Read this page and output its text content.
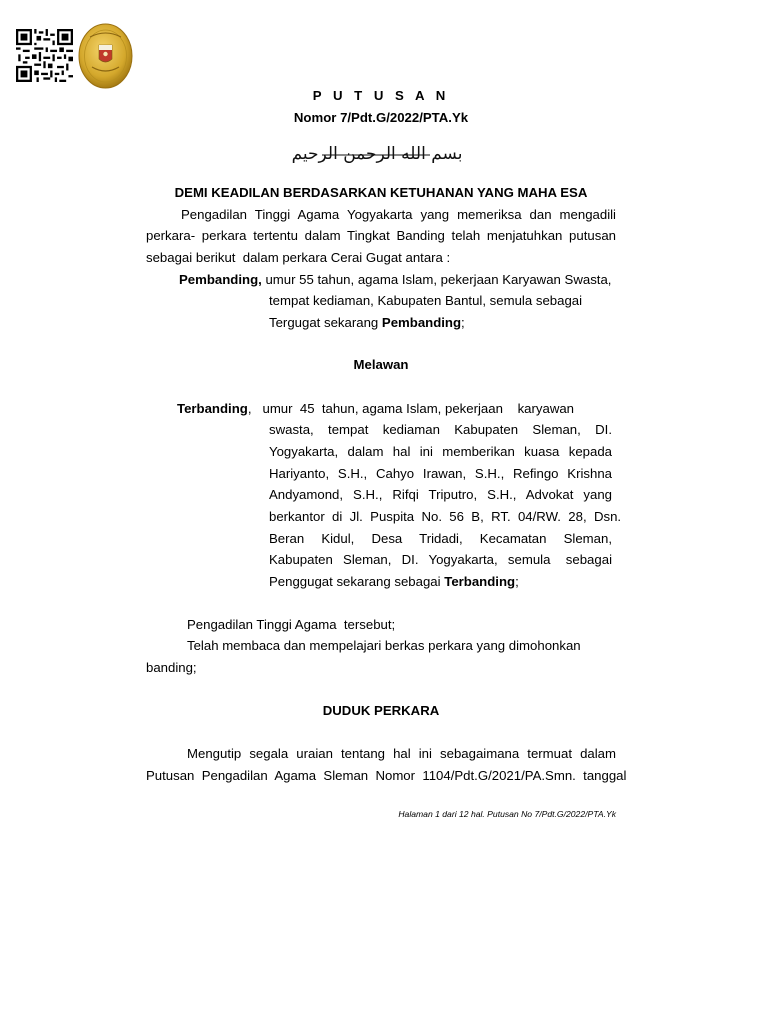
P U T U S A N
Nomor 7/Pdt.G/2022/PTA.Yk
بسم الله الرحمن الرحيم
DEMI KEADILAN BERDASARKAN KETUHANAN YANG MAHA ESA
Pengadilan Tinggi Agama Yogyakarta yang memeriksa dan mengadili
perkara- perkara tertentu dalam Tingkat Banding telah menjatuhkan putusan
sebagai berikut  dalam perkara Cerai Gugat antara :
Pembanding, umur 55 tahun, agama Islam, pekerjaan Karyawan Swasta,
tempat kediaman, Kabupaten Bantul, semula sebagai
Tergugat sekarang Pembanding;
Melawan
Terbanding,   umur  45  tahun, agama Islam, pekerjaan    karyawan
swasta,  tempat  kediaman  Kabupaten  Sleman,  DI.
Yogyakarta,  dalam  hal  ini  memberikan  kuasa  kepada
Hariyanto,  S.H.,  Cahyo  Irawan,  S.H.,  Refingo  Krishna
Andyamond,  S.H.,  Rifqi  Triputro,  S.H.,  Advokat  yang
berkantor  di  Jl.  Puspita  No.  56  B,  RT.  04/RW.  28,  Dsn.
Beran  Kidul,  Desa  Tridadi,  Kecamatan  Sleman,
Kabupaten  Sleman,  DI.  Yogyakarta,  semula   sebagai
Penggugat sekarang sebagai Terbanding;
Pengadilan Tinggi Agama  tersebut;
Telah membaca dan mempelajari berkas perkara yang dimohonkan
banding;
DUDUK PERKARA
Mengutip  segala  uraian  tentang  hal  ini  sebagaimana  termuat  dalam
Putusan  Pengadilan  Agama  Sleman  Nomor  1104/Pdt.G/2021/PA.Smn.  tanggal
Halaman 1 dari 12 hal. Putusan No 7/Pdt.G/2022/PTA.Yk
